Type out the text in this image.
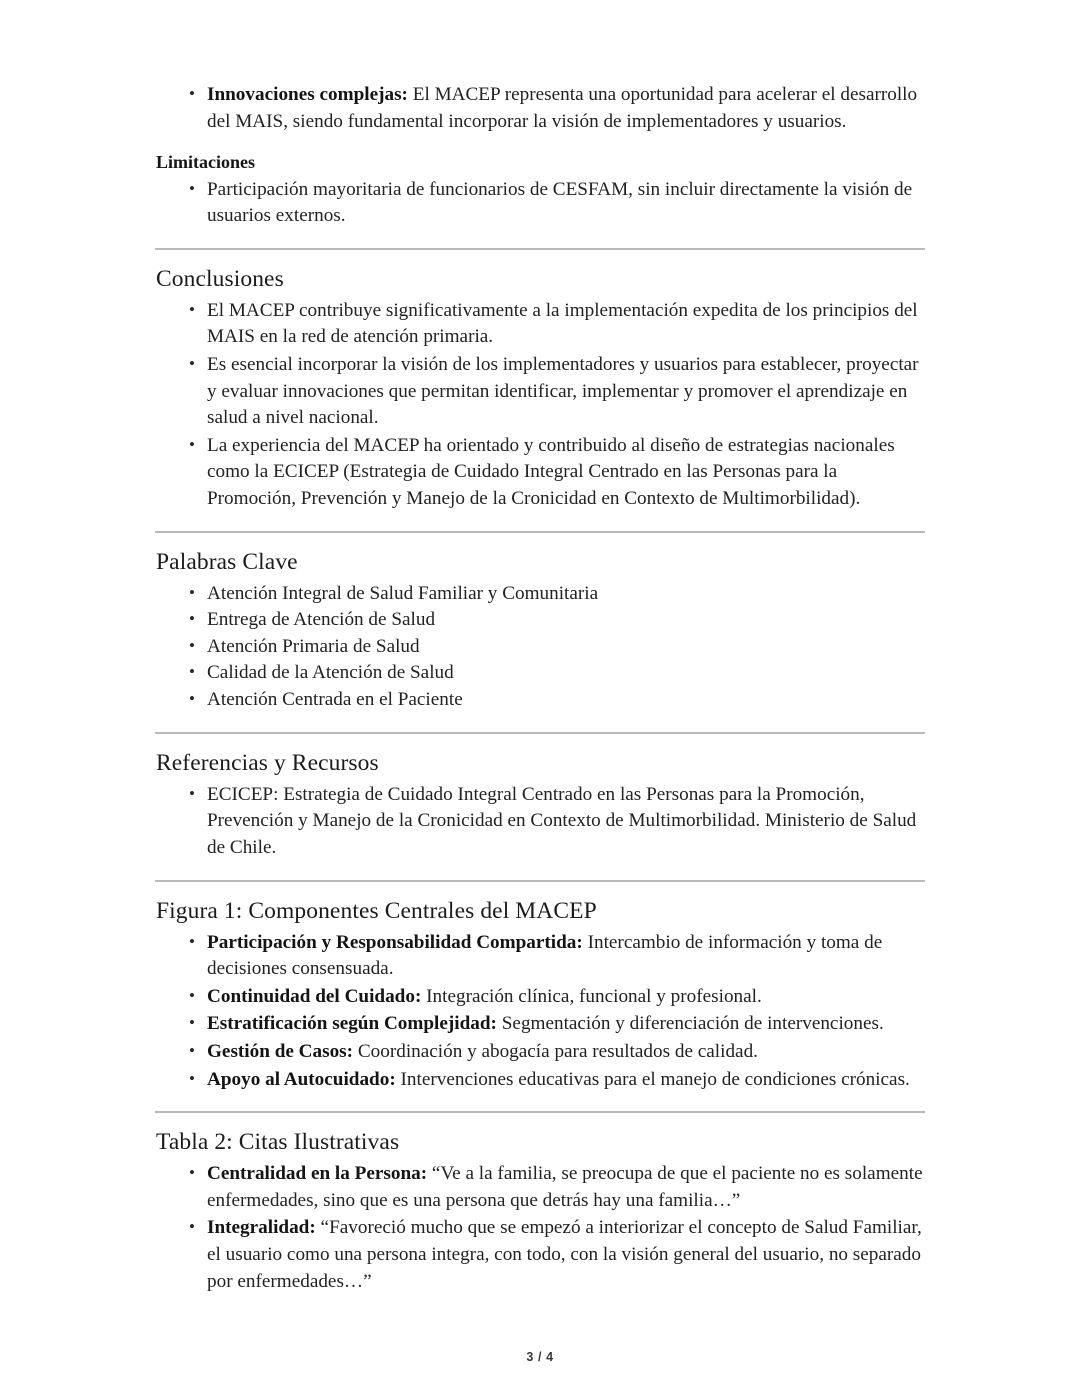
• Innovaciones complejas: El MACEP representa una oportunidad para acelerar el desarrollo del MAIS, siendo fundamental incorporar la visión de implementadores y usuarios.
Limitaciones
• Participación mayoritaria de funcionarios de CESFAM, sin incluir directamente la visión de usuarios externos.
Conclusiones
• El MACEP contribuye significativamente a la implementación expedita de los principios del MAIS en la red de atención primaria.
• Es esencial incorporar la visión de los implementadores y usuarios para establecer, proyectar y evaluar innovaciones que permitan identificar, implementar y promover el aprendizaje en salud a nivel nacional.
• La experiencia del MACEP ha orientado y contribuido al diseño de estrategias nacionales como la ECICEP (Estrategia de Cuidado Integral Centrado en las Personas para la Promoción, Prevención y Manejo de la Cronicidad en Contexto de Multimorbilidad).
Palabras Clave
• Atención Integral de Salud Familiar y Comunitaria
• Entrega de Atención de Salud
• Atención Primaria de Salud
• Calidad de la Atención de Salud
• Atención Centrada en el Paciente
Referencias y Recursos
• ECICEP: Estrategia de Cuidado Integral Centrado en las Personas para la Promoción, Prevención y Manejo de la Cronicidad en Contexto de Multimorbilidad. Ministerio de Salud de Chile.
Figura 1: Componentes Centrales del MACEP
• Participación y Responsabilidad Compartida: Intercambio de información y toma de decisiones consensuada.
• Continuidad del Cuidado: Integración clínica, funcional y profesional.
• Estratificación según Complejidad: Segmentación y diferenciación de intervenciones.
• Gestión de Casos: Coordinación y abogacía para resultados de calidad.
• Apoyo al Autocuidado: Intervenciones educativas para el manejo de condiciones crónicas.
Tabla 2: Citas Ilustrativas
• Centralidad en la Persona: “Ve a la familia, se preocupa de que el paciente no es solamente enfermedades, sino que es una persona que detrás hay una familia…”
• Integralidad: “Favoreció mucho que se empezó a interiorizar el concepto de Salud Familiar, el usuario como una persona integra, con todo, con la visión general del usuario, no separado por enfermedades…”
3 / 4
